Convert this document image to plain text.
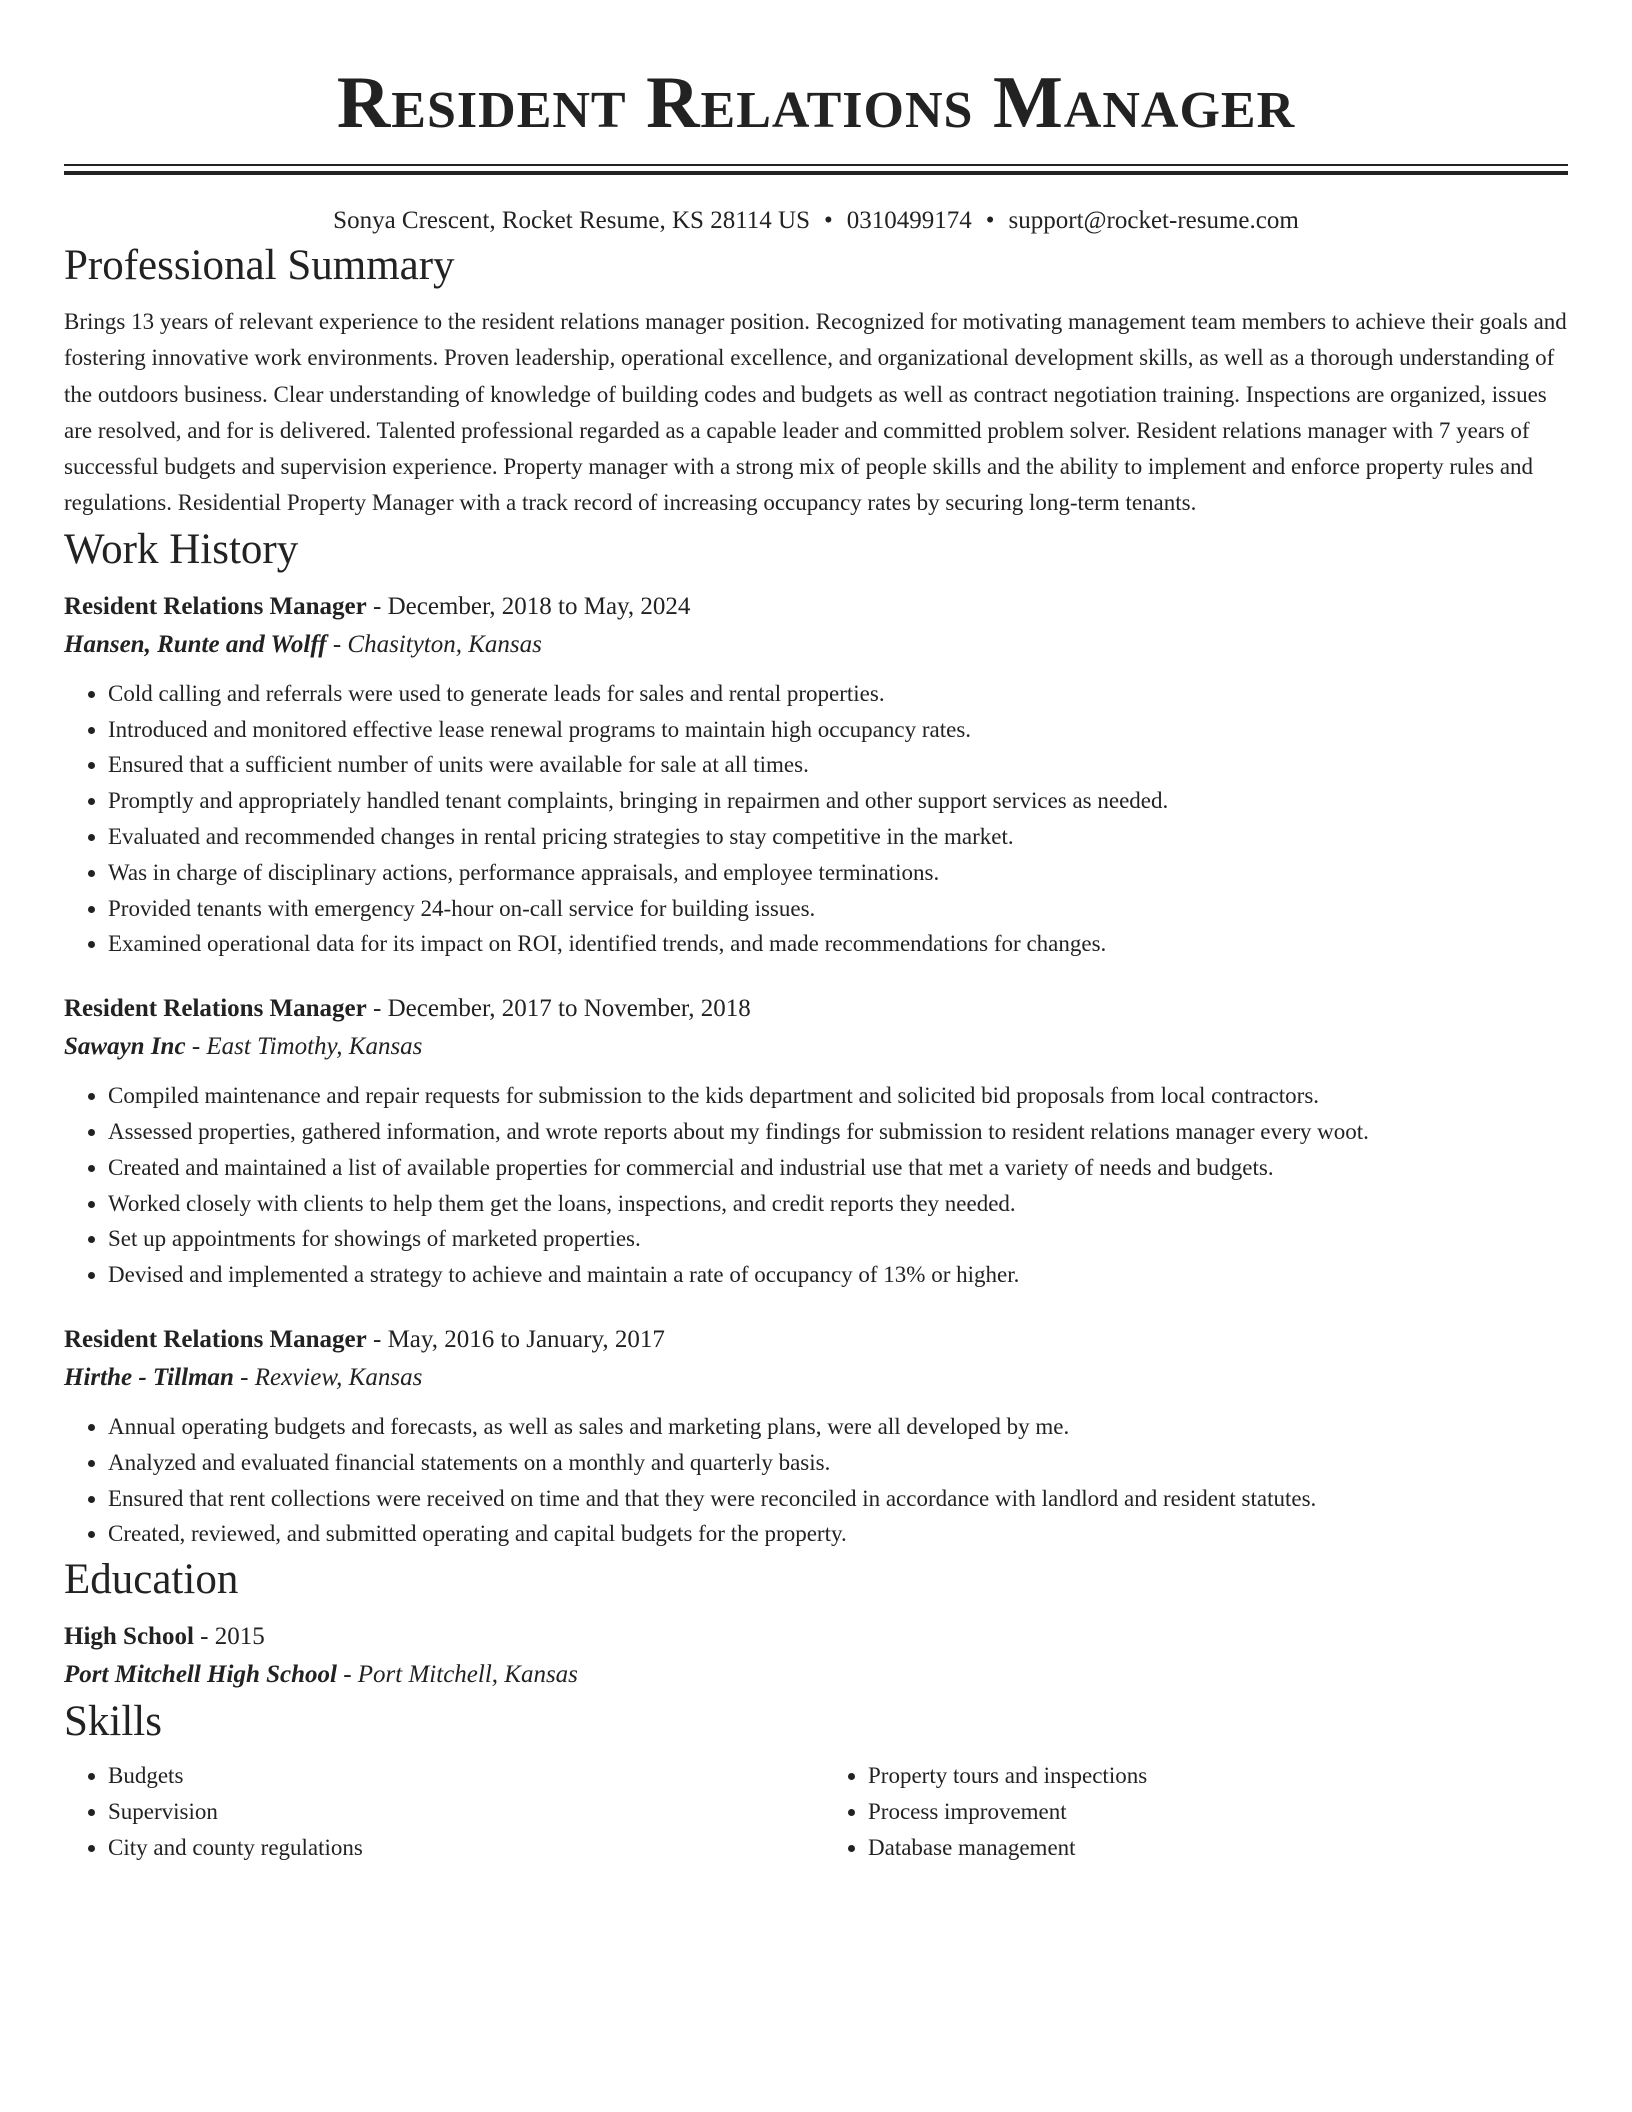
Resident Relations Manager
Sonya Crescent, Rocket Resume, KS 28114 US • 0310499174 • support@rocket-resume.com
Professional Summary
Brings 13 years of relevant experience to the resident relations manager position. Recognized for motivating management team members to achieve their goals and fostering innovative work environments. Proven leadership, operational excellence, and organizational development skills, as well as a thorough understanding of the outdoors business. Clear understanding of knowledge of building codes and budgets as well as contract negotiation training. Inspections are organized, issues are resolved, and for is delivered. Talented professional regarded as a capable leader and committed problem solver. Resident relations manager with 7 years of successful budgets and supervision experience. Property manager with a strong mix of people skills and the ability to implement and enforce property rules and regulations. Residential Property Manager with a track record of increasing occupancy rates by securing long-term tenants.
Work History
Resident Relations Manager - December, 2018 to May, 2024
Hansen, Runte and Wolff - Chasityton, Kansas
• Cold calling and referrals were used to generate leads for sales and rental properties.
• Introduced and monitored effective lease renewal programs to maintain high occupancy rates.
• Ensured that a sufficient number of units were available for sale at all times.
• Promptly and appropriately handled tenant complaints, bringing in repairmen and other support services as needed.
• Evaluated and recommended changes in rental pricing strategies to stay competitive in the market.
• Was in charge of disciplinary actions, performance appraisals, and employee terminations.
• Provided tenants with emergency 24-hour on-call service for building issues.
• Examined operational data for its impact on ROI, identified trends, and made recommendations for changes.
Resident Relations Manager - December, 2017 to November, 2018
Sawayn Inc - East Timothy, Kansas
• Compiled maintenance and repair requests for submission to the kids department and solicited bid proposals from local contractors.
• Assessed properties, gathered information, and wrote reports about my findings for submission to resident relations manager every woot.
• Created and maintained a list of available properties for commercial and industrial use that met a variety of needs and budgets.
• Worked closely with clients to help them get the loans, inspections, and credit reports they needed.
• Set up appointments for showings of marketed properties.
• Devised and implemented a strategy to achieve and maintain a rate of occupancy of 13% or higher.
Resident Relations Manager - May, 2016 to January, 2017
Hirthe - Tillman - Rexview, Kansas
• Annual operating budgets and forecasts, as well as sales and marketing plans, were all developed by me.
• Analyzed and evaluated financial statements on a monthly and quarterly basis.
• Ensured that rent collections were received on time and that they were reconciled in accordance with landlord and resident statutes.
• Created, reviewed, and submitted operating and capital budgets for the property.
Education
High School - 2015
Port Mitchell High School - Port Mitchell, Kansas
Skills
• Budgets
• Supervision
• City and county regulations
• Property tours and inspections
• Process improvement
• Database management
